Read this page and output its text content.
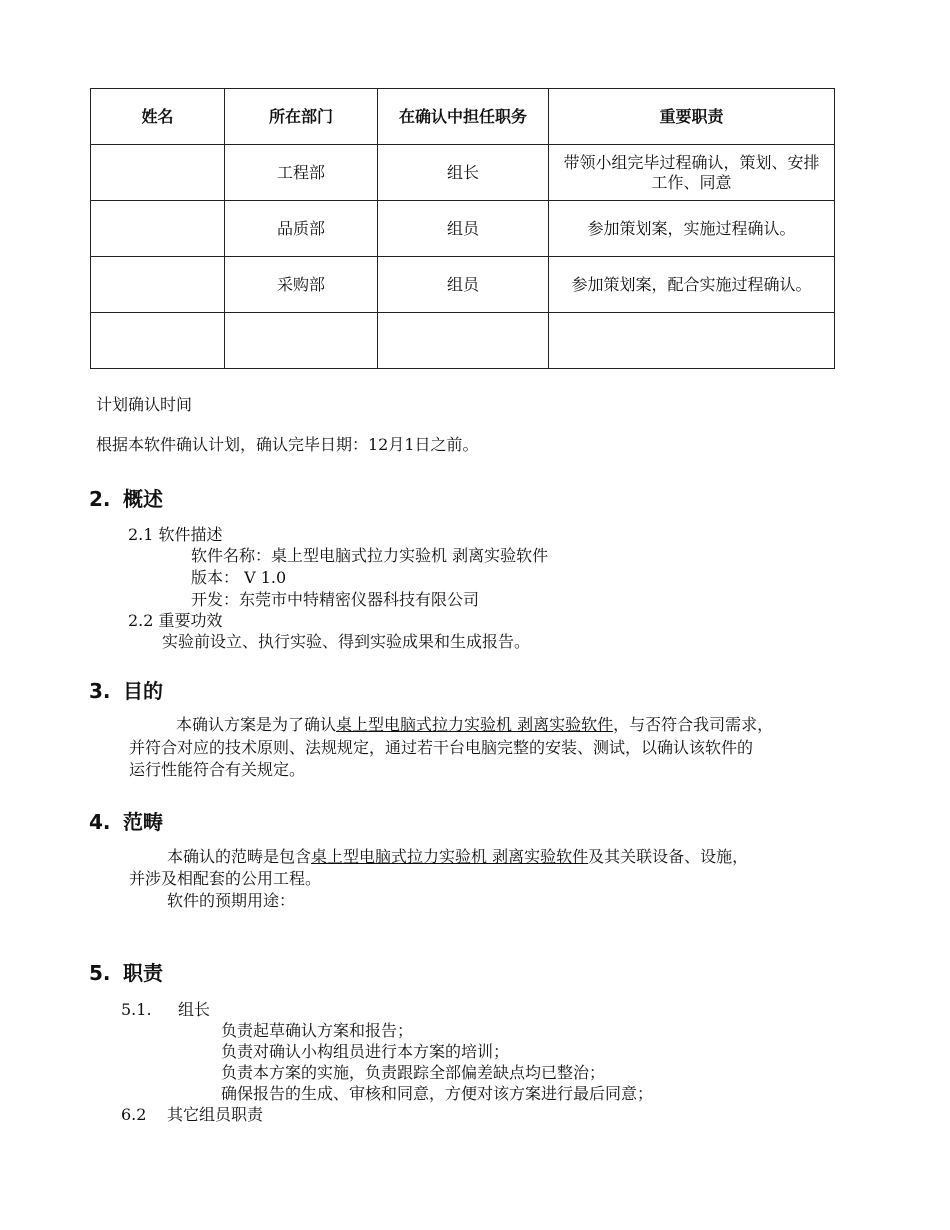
姓名	所在部门	在确认中担任职务	重要职责
	工程部	组长	带领小组完毕过程确认，策划、安排工作、同意
	品质部	组员	参加策划案，实施过程确认。
	采购部	组员	参加策划案，配合实施过程确认。

计划确认时间
根据本软件确认计划，确认完毕日期：12月1日之前。
2. 概述
2.1 软件描述
软件名称：桌上型电脑式拉力实验机 剥离实验软件
版本： V 1.0
开发：东莞市中特精密仪器科技有限公司
2.2 重要功效
实验前设立、执行实验、得到实验成果和生成报告。
3. 目的
本确认方案是为了确认桌上型电脑式拉力实验机 剥离实验软件，与否符合我司需求，
并符合对应的技术原则、法规规定，通过若干台电脑完整的安装、测试，以确认该软件的
运行性能符合有关规定。
4. 范畴
本确认的范畴是包含桌上型电脑式拉力实验机 剥离实验软件及其关联设备、设施，
并涉及相配套的公用工程。
软件的预期用途：
5. 职责
5.1. 组长
负责起草确认方案和报告；
负责对确认小构组员进行本方案的培训；
负责本方案的实施，负责跟踪全部偏差缺点均已整治；
确保报告的生成、审核和同意，方便对该方案进行最后同意；
6.2 其它组员职责
